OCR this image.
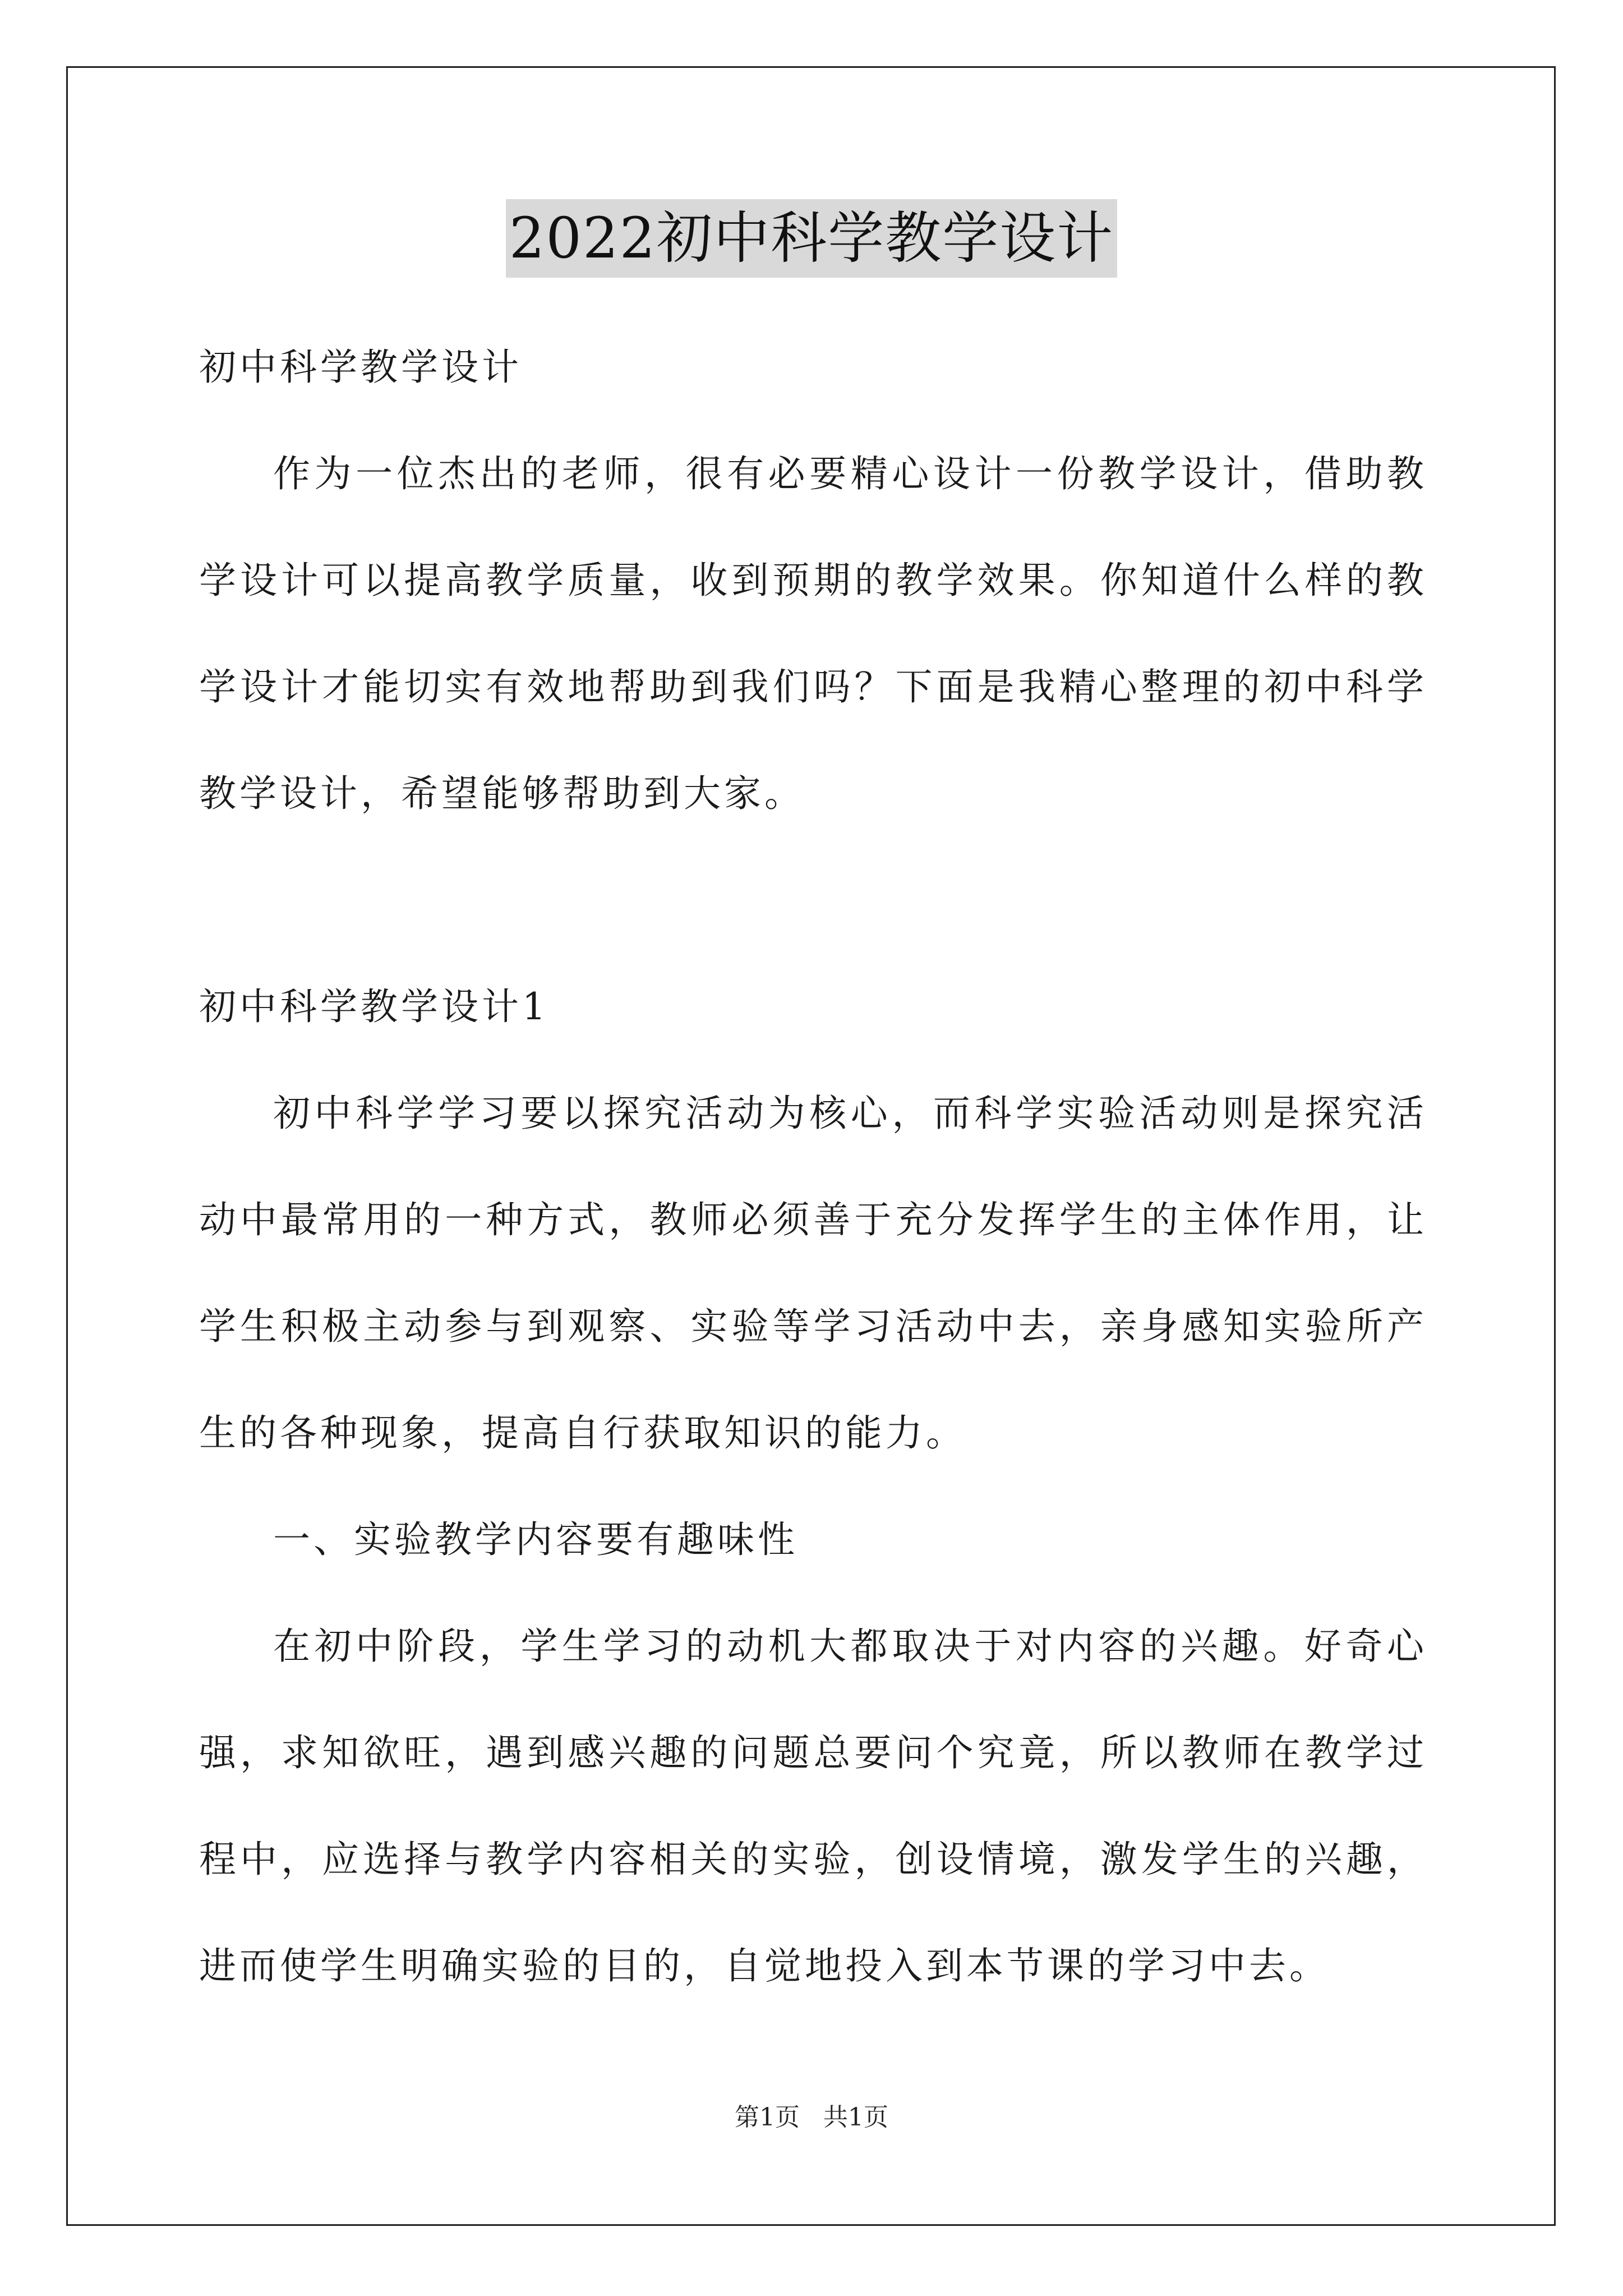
2022初中科学教学设计

初中科学教学设计

作为一位杰出的老师，很有必要精心设计一份教学设计，借助教学设计可以提高教学质量，收到预期的教学效果。你知道什么样的教学设计才能切实有效地帮助到我们吗？下面是我精心整理的初中科学教学设计，希望能够帮助到大家。

初中科学教学设计1

初中科学学习要以探究活动为核心，而科学实验活动则是探究活动中最常用的一种方式，教师必须善于充分发挥学生的主体作用，让学生积极主动参与到观察、实验等学习活动中去，亲身感知实验所产生的各种现象，提高自行获取知识的能力。

一、实验教学内容要有趣味性

在初中阶段，学生学习的动机大都取决于对内容的兴趣。好奇心强，求知欲旺，遇到感兴趣的问题总要问个究竟，所以教师在教学过程中，应选择与教学内容相关的实验，创设情境，激发学生的兴趣，进而使学生明确实验的目的，自觉地投入到本节课的学习中去。

第1页 共1页
